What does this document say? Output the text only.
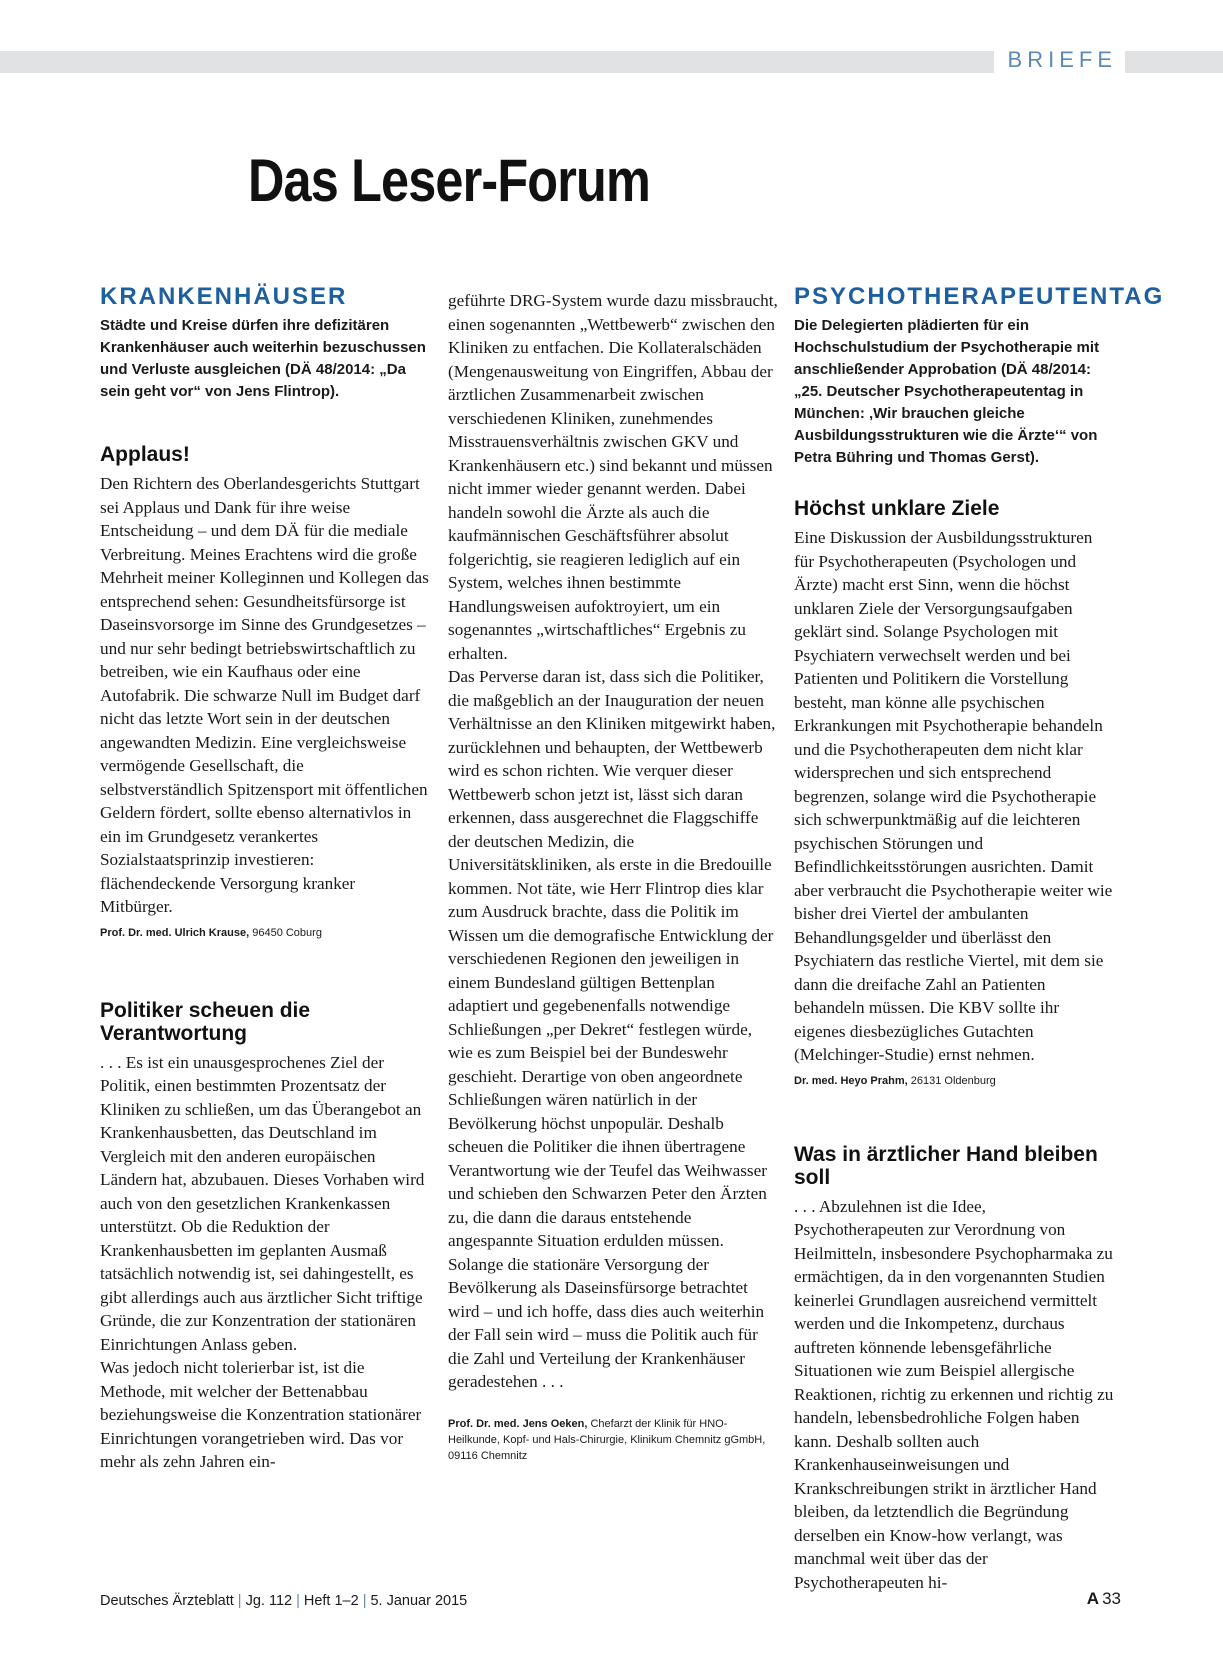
BRIEFE
Das Leser-Forum
KRANKENHÄUSER

Städte und Kreise dürfen ihre defizitären Krankenhäuser auch weiterhin bezuschussen und Verluste ausgleichen (DÄ 48/2014: „Da sein geht vor“ von Jens Flintrop).

Applaus!

Den Richtern des Oberlandesgerichts Stuttgart sei Applaus und Dank für ihre weise Entscheidung – und dem DÄ für die mediale Verbreitung. Meines Erachtens wird die große Mehrheit meiner Kolleginnen und Kollegen das entsprechend sehen: Gesundheitsfürsorge ist Daseinsvorsorge im Sinne des Grundgesetzes – und nur sehr bedingt betriebswirtschaftlich zu betreiben, wie ein Kaufhaus oder eine Autofabrik. Die schwarze Null im Budget darf nicht das letzte Wort sein in der deutschen angewandten Medizin. Eine vergleichsweise vermögende Gesellschaft, die selbstverständlich Spitzensport mit öffentlichen Geldern fördert, sollte ebenso alternativlos in ein im Grundgesetz verankertes Sozialstaatsprinzip investieren: flächendeckende Versorgung kranker Mitbürger.

Prof. Dr. med. Ulrich Krause, 96450 Coburg
Politiker scheuen die Verantwortung

. . . Es ist ein unausgesprochenes Ziel der Politik, einen bestimmten Prozentsatz der Kliniken zu schließen, um das Überangebot an Krankenhausbetten, das Deutschland im Vergleich mit den anderen europäischen Ländern hat, abzubauen. Dieses Vorhaben wird auch von den gesetzlichen Krankenkassen unterstützt. Ob die Reduktion der Krankenhausbetten im geplanten Ausmaß tatsächlich notwendig ist, sei dahingestellt, es gibt allerdings auch aus ärztlicher Sicht triftige Gründe, die zur Konzentration der stationären Einrichtungen Anlass geben.

Was jedoch nicht tolerierbar ist, ist die Methode, mit welcher der Bettenabbau beziehungsweise die Konzentration stationärer Einrichtungen vorangetrieben wird. Das vor mehr als zehn Jahren ein-

geführte DRG-System wurde dazu missbraucht, einen sogenannten „Wettbewerb“ zwischen den Kliniken zu entfachen. Die Kollateralschäden (Mengenausweitung von Eingriffen, Abbau der ärztlichen Zusammenarbeit zwischen verschiedenen Kliniken, zunehmendes Misstrauensverhältnis zwischen GKV und Krankenhäusern etc.) sind bekannt und müssen nicht immer wieder genannt werden. Dabei handeln sowohl die Ärzte als auch die kaufmännischen Geschäftsführer absolut folgerichtig, sie reagieren lediglich auf ein System, welches ihnen bestimmte Handlungsweisen aufoktroyiert, um ein sogenanntes „wirtschaftliches“ Ergebnis zu erhalten.

Das Perverse daran ist, dass sich die Politiker, die maßgeblich an der Inauguration der neuen Verhältnisse an den Kliniken mitgewirkt haben, zurücklehnen und behaupten, der Wettbewerb wird es schon richten. Wie verquer dieser Wettbewerb schon jetzt ist, lässt sich daran erkennen, dass ausgerechnet die Flaggschiffe der deutschen Medizin, die Universitätskliniken, als erste in die Bredouille kommen. Not täte, wie Herr Flintrop dies klar zum Ausdruck brachte, dass die Politik im Wissen um die demografische Entwicklung der verschiedenen Regionen den jeweiligen in einem Bundesland gültigen Bettenplan adaptiert und gegebenenfalls notwendige Schließungen „per Dekret“ festlegen würde, wie es zum Beispiel bei der Bundeswehr geschieht. Derartige von oben angeordnete Schließungen wären natürlich in der Bevölkerung höchst unpopulär. Deshalb scheuen die Politiker die ihnen übertragene Verantwortung wie der Teufel das Weihwasser und schieben den Schwarzen Peter den Ärzten zu, die dann die daraus entstehende angespannte Situation erdulden müssen. Solange die stationäre Versorgung der Bevölkerung als Daseinsfürsorge betrachtet wird – und ich hoffe, dass dies auch weiterhin der Fall sein wird – muss die Politik auch für die Zahl und Verteilung der Krankenhäuser geradestehen . . .

Prof. Dr. med. Jens Oeken, Chefarzt der Klinik für HNO-Heilkunde, Kopf- und Hals-Chirurgie, Klinikum Chemnitz gGmbH, 09116 Chemnitz
PSYCHOTHERAPEUTENTAG

Die Delegierten plädierten für ein Hochschulstudium der Psychotherapie mit anschließender Approbation (DÄ 48/2014: „25. Deutscher Psychotherapeutentag in München: ‚Wir brauchen gleiche Ausbildungsstrukturen wie die Ärzte‘“ von Petra Bühring und Thomas Gerst).

Höchst unklare Ziele

Eine Diskussion der Ausbildungsstrukturen für Psychotherapeuten (Psychologen und Ärzte) macht erst Sinn, wenn die höchst unklaren Ziele der Versorgungsaufgaben geklärt sind. Solange Psychologen mit Psychiatern verwechselt werden und bei Patienten und Politikern die Vorstellung besteht, man könne alle psychischen Erkrankungen mit Psychotherapie behandeln und die Psychotherapeuten dem nicht klar widersprechen und sich entsprechend begrenzen, solange wird die Psychotherapie sich schwerpunktmäßig auf die leichteren psychischen Störungen und Befindlichkeitsstörungen ausrichten. Damit aber verbraucht die Psychotherapie weiter wie bisher drei Viertel der ambulanten Behandlungsgelder und überlässt den Psychiatern das restliche Viertel, mit dem sie dann die dreifache Zahl an Patienten behandeln müssen. Die KBV sollte ihr eigenes diesbezügliches Gutachten (Melchinger-Studie) ernst nehmen.

Dr. med. Heyo Prahm, 26131 Oldenburg
Was in ärztlicher Hand bleiben soll

. . . Abzulehnen ist die Idee, Psychotherapeuten zur Verordnung von Heilmitteln, insbesondere Psychopharmaka zu ermächtigen, da in den vorgenannten Studien keinerlei Grundlagen ausreichend vermittelt werden und die Inkompetenz, durchaus auftreten könnende lebensgefährliche Situationen wie zum Beispiel allergische Reaktionen, richtig zu erkennen und richtig zu handeln, lebensbedrohliche Folgen haben kann. Deshalb sollten auch Krankenhauseinweisungen und Krankschreibungen strikt in ärztlicher Hand bleiben, da letztendlich die Begründung derselben ein Know-how verlangt, was manchmal weit über das der Psychotherapeuten hi-

Deutsches Ärzteblatt | Jg. 112 | Heft 1–2 | 5. Januar 2015	A 33
